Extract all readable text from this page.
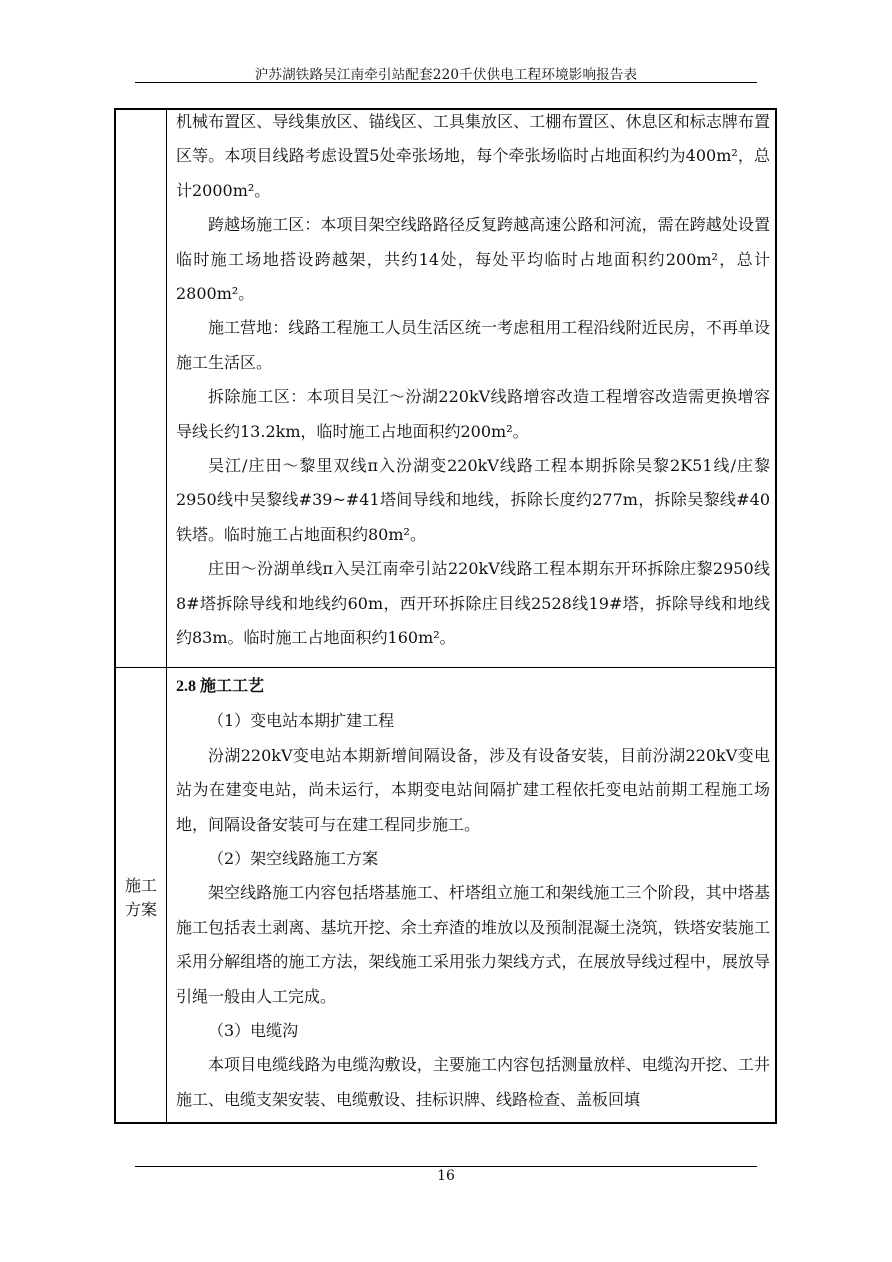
沪苏湖铁路吴江南牵引站配套220千伏供电工程环境影响报告表

机械布置区、导线集放区、锚线区、工具集放区、工棚布置区、休息区和标志牌布置区等。本项目线路考虑设置5处牵张场地，每个牵张场临时占地面积约为400m²，总计2000m²。

跨越场施工区：本项目架空线路路径反复跨越高速公路和河流，需在跨越处设置临时施工场地搭设跨越架，共约14处，每处平均临时占地面积约200m²，总计2800m²。

施工营地：线路工程施工人员生活区统一考虑租用工程沿线附近民房，不再单设施工生活区。

拆除施工区：本项目吴江～汾湖220kV线路增容改造工程增容改造需更换增容导线长约13.2km，临时施工占地面积约200m²。

吴江/庄田～黎里双线π入汾湖变220kV线路工程本期拆除吴黎2K51线/庄黎2950线中吴黎线#39~#41塔间导线和地线，拆除长度约277m，拆除吴黎线#40铁塔。临时施工占地面积约80m²。

庄田～汾湖单线π入吴江南牵引站220kV线路工程本期东开环拆除庄黎2950线8#塔拆除导线和地线约60m，西开环拆除庄目线2528线19#塔，拆除导线和地线约83m。临时施工占地面积约160m²。

施工
方案

2.8 施工工艺

（1）变电站本期扩建工程

汾湖220kV变电站本期新增间隔设备，涉及有设备安装，目前汾湖220kV变电站为在建变电站，尚未运行，本期变电站间隔扩建工程依托变电站前期工程施工场地，间隔设备安装可与在建工程同步施工。

（2）架空线路施工方案

架空线路施工内容包括塔基施工、杆塔组立施工和架线施工三个阶段，其中塔基施工包括表土剥离、基坑开挖、余土弃渣的堆放以及预制混凝土浇筑，铁塔安装施工采用分解组塔的施工方法，架线施工采用张力架线方式，在展放导线过程中，展放导引绳一般由人工完成。

（3）电缆沟

本项目电缆线路为电缆沟敷设，主要施工内容包括测量放样、电缆沟开挖、工井施工、电缆支架安装、电缆敷设、挂标识牌、线路检查、盖板回填

16
